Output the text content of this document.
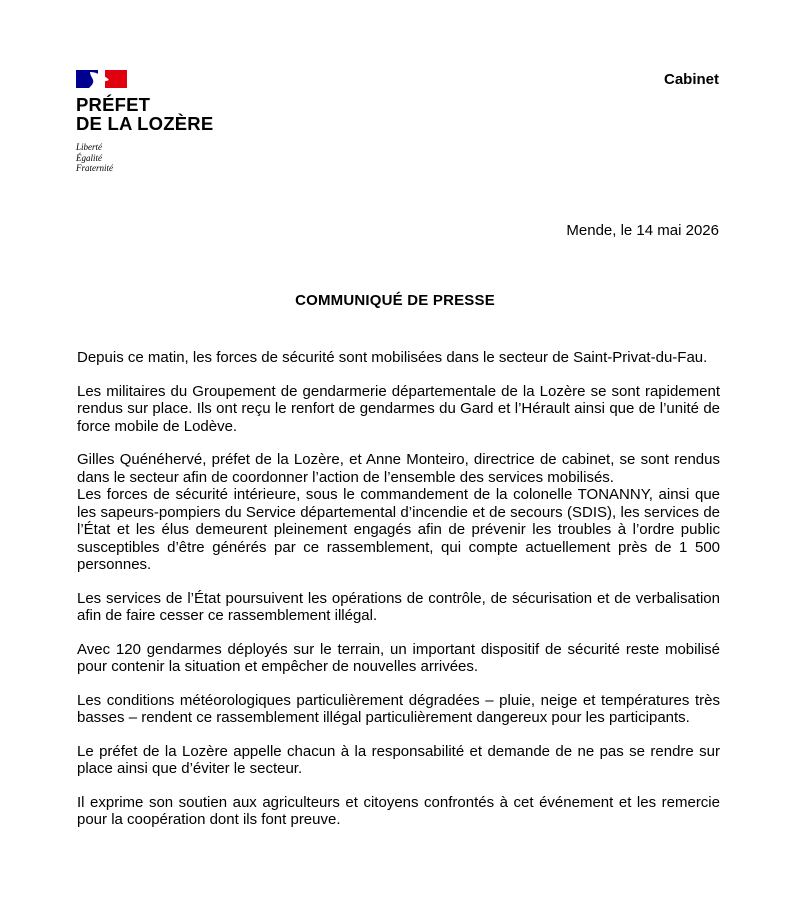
PRÉFET
DE LA LOZÈRE
Liberté
Égalité
Fraternité
Cabinet
Mende, le 14 mai 2026
COMMUNIQUÉ DE PRESSE

Depuis ce matin, les forces de sécurité sont mobilisées dans le secteur de Saint-Privat-du-Fau.

Les militaires du Groupement de gendarmerie départementale de la Lozère se sont rapidement rendus sur place. Ils ont reçu le renfort de gendarmes du Gard et l’Hérault ainsi que de l’unité de force mobile de Lodève.

Gilles Quénéhervé, préfet de la Lozère, et Anne Monteiro, directrice de cabinet, se sont rendus dans le secteur afin de coordonner l’action de l’ensemble des services mobilisés.

Les forces de sécurité intérieure, sous le commandement de la colonelle TONANNY, ainsi que les sapeurs-pompiers du Service départemental d’incendie et de secours (SDIS), les services de l’État et les élus demeurent pleinement engagés afin de prévenir les troubles à l’ordre public susceptibles d’être générés par ce rassemblement, qui compte actuellement près de 1 500 personnes.

Les services de l’État poursuivent les opérations de contrôle, de sécurisation et de verbalisation afin de faire cesser ce rassemblement illégal.

Avec 120 gendarmes déployés sur le terrain, un important dispositif de sécurité reste mobilisé pour contenir la situation et empêcher de nouvelles arrivées.

Les conditions météorologiques particulièrement dégradées – pluie, neige et températures très basses – rendent ce rassemblement illégal particulièrement dangereux pour les participants.

Le préfet de la Lozère appelle chacun à la responsabilité et demande de ne pas se rendre sur place ainsi que d’éviter le secteur.

Il exprime son soutien aux agriculteurs et citoyens confrontés à cet événement et les remercie pour la coopération dont ils font preuve.
